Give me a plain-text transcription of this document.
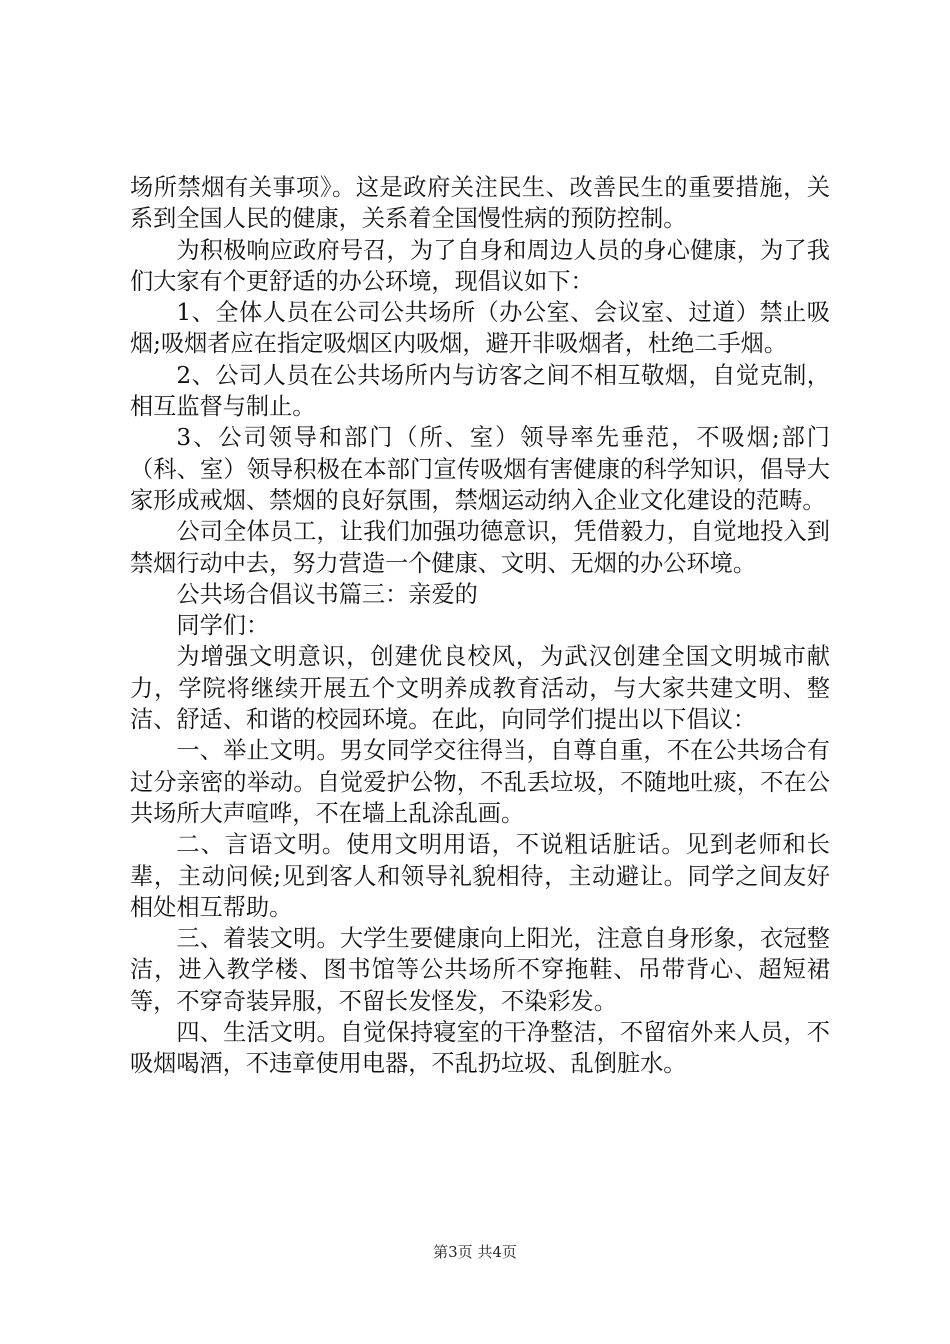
场所禁烟有关事项》。这是政府关注民生、改善民生的重要措施，关系到全国人民的健康，关系着全国慢性病的预防控制。

为积极响应政府号召，为了自身和周边人员的身心健康，为了我们大家有个更舒适的办公环境，现倡议如下：

1、全体人员在公司公共场所（办公室、会议室、过道）禁止吸烟;吸烟者应在指定吸烟区内吸烟，避开非吸烟者，杜绝二手烟。

2、公司人员在公共场所内与访客之间不相互敬烟，自觉克制，相互监督与制止。

3、公司领导和部门（所、室）领导率先垂范，不吸烟;部门（科、室）领导积极在本部门宣传吸烟有害健康的科学知识，倡导大家形成戒烟、禁烟的良好氛围，禁烟运动纳入企业文化建设的范畴。

公司全体员工，让我们加强功德意识，凭借毅力，自觉地投入到禁烟行动中去，努力营造一个健康、文明、无烟的办公环境。

公共场合倡议书篇三：亲爱的

同学们：

为增强文明意识，创建优良校风，为武汉创建全国文明城市献力，学院将继续开展五个文明养成教育活动，与大家共建文明、整洁、舒适、和谐的校园环境。在此，向同学们提出以下倡议：

一、举止文明。男女同学交往得当，自尊自重，不在公共场合有过分亲密的举动。自觉爱护公物，不乱丢垃圾，不随地吐痰，不在公共场所大声喧哗，不在墙上乱涂乱画。

二、言语文明。使用文明用语，不说粗话脏话。见到老师和长辈，主动问候;见到客人和领导礼貌相待，主动避让。同学之间友好相处相互帮助。

三、着装文明。大学生要健康向上阳光，注意自身形象，衣冠整洁，进入教学楼、图书馆等公共场所不穿拖鞋、吊带背心、超短裙等，不穿奇装异服，不留长发怪发，不染彩发。

四、生活文明。自觉保持寝室的干净整洁，不留宿外来人员，不吸烟喝酒，不违章使用电器，不乱扔垃圾、乱倒脏水。

第3页 共4页
